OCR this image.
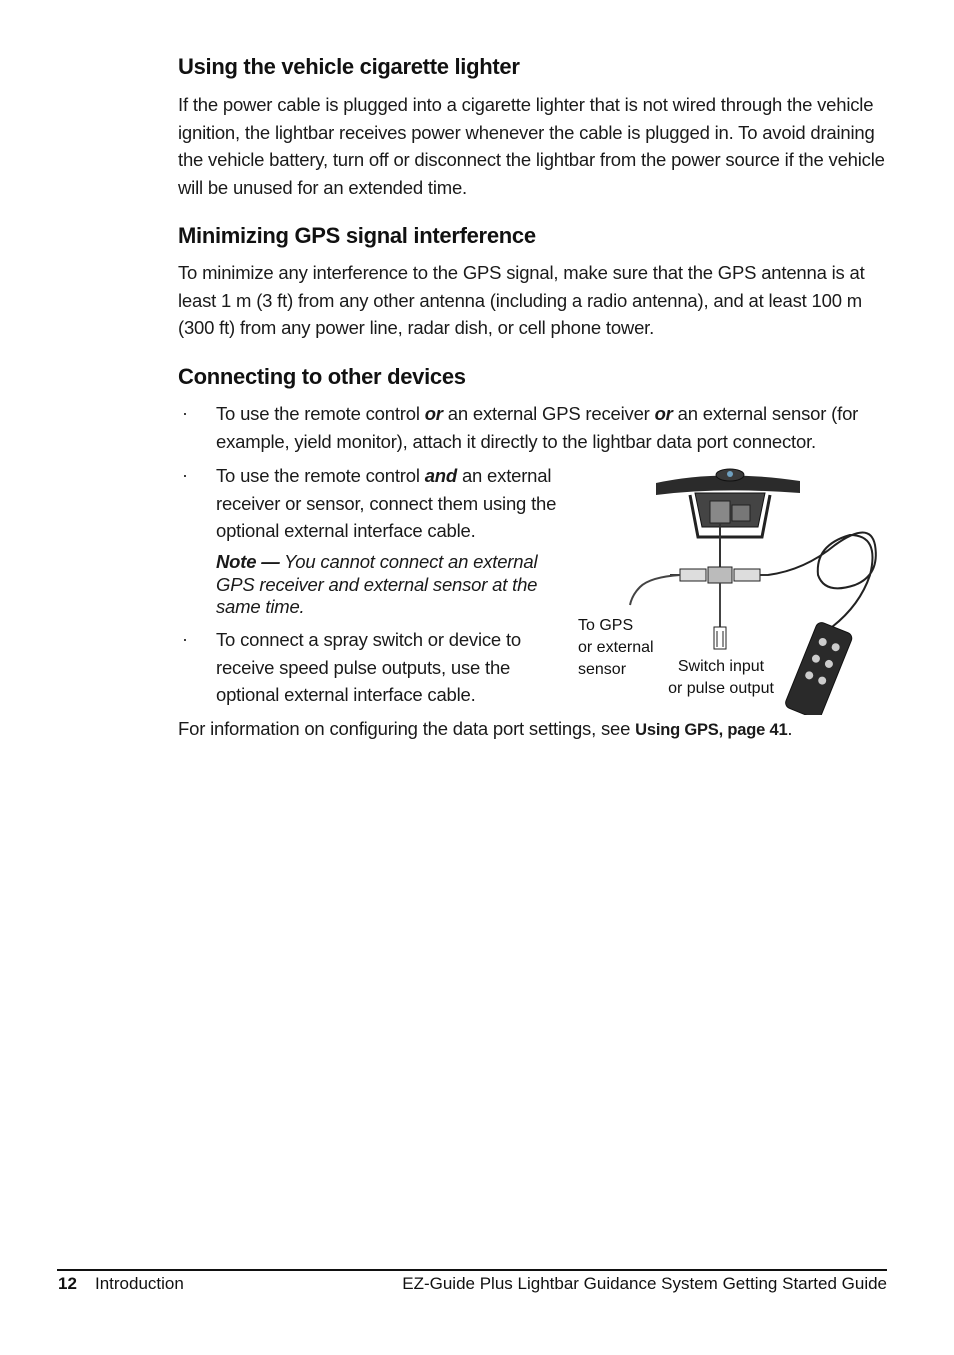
Using the vehicle cigarette lighter

If the power cable is plugged into a cigarette lighter that is not wired through the vehicle ignition, the lightbar receives power whenever the cable is plugged in. To avoid draining the vehicle battery, turn off or disconnect the lightbar from the power source if the vehicle will be unused for an extended time.

Minimizing GPS signal interference

To minimize any interference to the GPS signal, make sure that the GPS antenna is at least 1 m (3 ft) from any other antenna (including a radio antenna), and at least 100 m (300 ft) from any power line, radar dish, or cell phone tower.

Connecting to other devices
· To use the remote control or an external GPS receiver or an external sensor (for example, yield monitor), attach it directly to the lightbar data port connector.

· To use the remote control and an external receiver or sensor, connect them using the optional external interface cable.

Note — You cannot connect an external GPS receiver and external sensor at the same time.

· To connect a spray switch or device to receive speed pulse outputs, use the optional external interface cable.

For information on configuring the data port settings, see Using GPS, page 41.

To GPS
or external
sensor	Switch input
or pulse output
12 Introduction	EZ-Guide Plus Lightbar Guidance System Getting Started Guide
